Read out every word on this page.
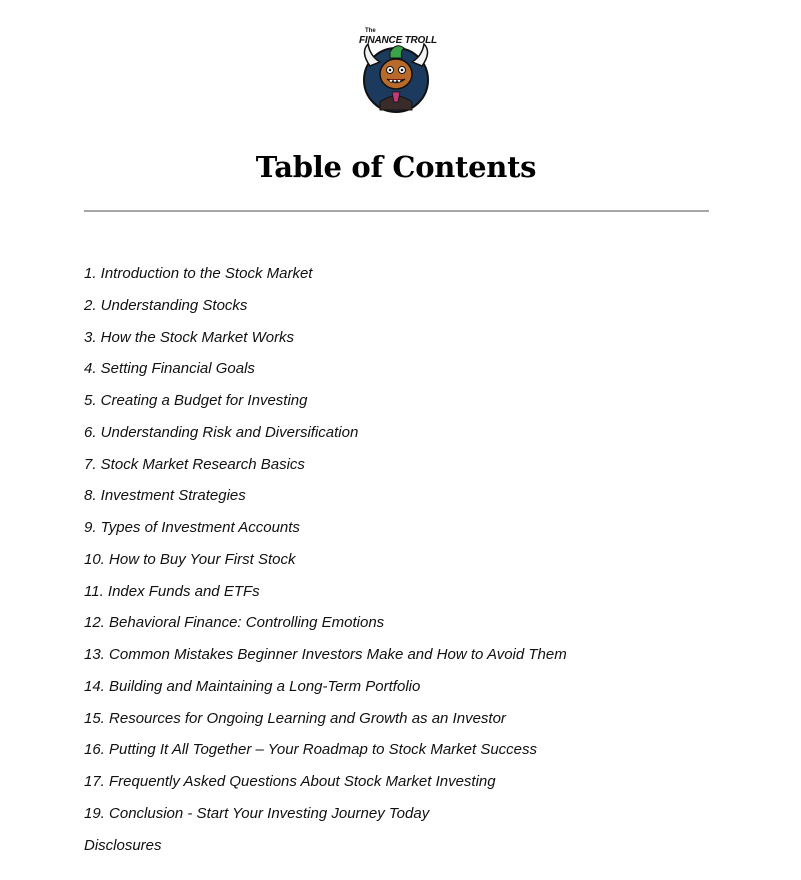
The
FINANCE TROLL
Table of Contents
1. Introduction to the Stock Market
2. Understanding Stocks
3. How the Stock Market Works
4. Setting Financial Goals
5. Creating a Budget for Investing
6. Understanding Risk and Diversification
7. Stock Market Research Basics
8. Investment Strategies
9. Types of Investment Accounts
10. How to Buy Your First Stock
11. Index Funds and ETFs
12. Behavioral Finance: Controlling Emotions
13. Common Mistakes Beginner Investors Make and How to Avoid Them
14. Building and Maintaining a Long-Term Portfolio
15. Resources for Ongoing Learning and Growth as an Investor
16. Putting It All Together – Your Roadmap to Stock Market Success
17. Frequently Asked Questions About Stock Market Investing
19. Conclusion - Start Your Investing Journey Today
Disclosures
